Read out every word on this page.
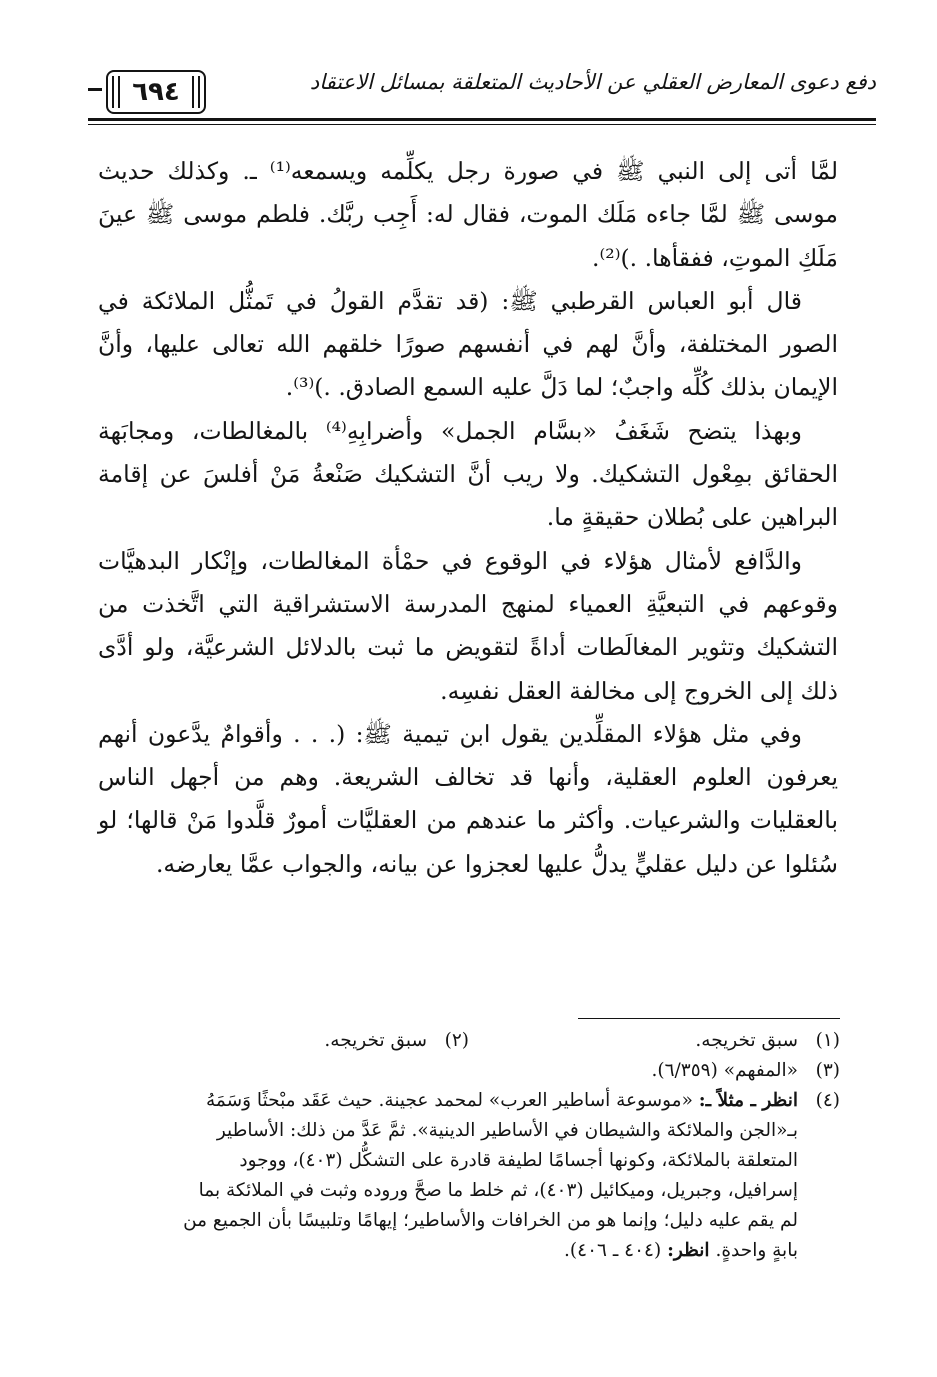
دفع دعوى المعارض العقلي عن الأحاديث المتعلقة بمسائل الاعتقاد
٦٩٤

لمَّا أتى إلى النبي ﷺ في صورة رجل يكلِّمه ويسمعه⁽¹⁾ ـ. وكذلك حديث موسى ﷺ لمَّا جاءه مَلَك الموت، فقال له: أَجِب ربَّك. فلطم موسى ﷺ عينَ مَلَكِ الموتِ، ففقأها. .)⁽²⁾.

قال أبو العباس القرطبي ﷺ: (قد تقدَّم القولُ في تَمثُّل الملائكة في الصور المختلفة، وأنَّ لهم في أنفسهم صورًا خلقهم الله تعالى عليها، وأنَّ الإيمان بذلك كُلِّه واجبٌ؛ لما دَلَّ عليه السمع الصادق. .)⁽³⁾.

وبهذا يتضح شَغَفُ «بسَّام الجمل» وأضرابِهِ⁽⁴⁾ بالمغالطات، ومجابَهة الحقائق بمِعْول التشكيك. ولا ريب أنَّ التشكيك صَنْعةُ مَنْ أفلسَ عن إقامة البراهين على بُطلان حقيقةٍ ما.

والدَّافع لأمثال هؤلاء في الوقوع في حمْأة المغالطات، وإنْكار البدهيَّات وقوعهم في التبعيَّةِ العمياء لمنهج المدرسة الاستشراقية التي اتَّخذت من التشكيك وتثوير المغالَطات أداةً لتقويض ما ثبت بالدلائل الشرعيَّة، ولو أدَّى ذلك إلى الخروج إلى مخالفة العقل نفسِه.

وفي مثل هؤلاء المقلِّدين يقول ابن تيمية ﷺ: (. . . وأقوامٌ يدَّعون أنهم يعرفون العلوم العقلية، وأنها قد تخالف الشريعة. وهم من أجهل الناس بالعقليات والشرعيات. وأكثر ما عندهم من العقليَّات أمورٌ قلَّدوا مَنْ قالها؛ لو سُئلوا عن دليل عقليٍّ يدلُّ عليها لعجزوا عن بيانه، والجواب عمَّا يعارضه.

(١)
سبق تخريجه.
(٢)
سبق تخريجه.
(٣)
«المفهم» (٦/٣٥٩).
(٤)
انظر ـ مثلاً ـ: «موسوعة أساطير العرب» لمحمد عجينة. حيث عَقَد مبْحثًا وَسَمَهُ
بـ«الجن والملائكة والشيطان في الأساطير الدينية». ثمَّ عَدَّ من ذلك: الأساطير
المتعلقة بالملائكة، وكونها أجسامًا لطيفة قادرة على التشكُّل (٤٠٣)، ووجود
إسرافيل، وجبريل، وميكائيل (٤٠٣)، ثم خلط ما صحَّ وروده وثبت في الملائكة بما
لم يقم عليه دليل؛ وإنما هو من الخرافات والأساطير؛ إيهامًا وتلبيسًا بأن الجميع من
بابةٍ واحدةٍ. انظر: (٤٠٤ ـ ٤٠٦).
